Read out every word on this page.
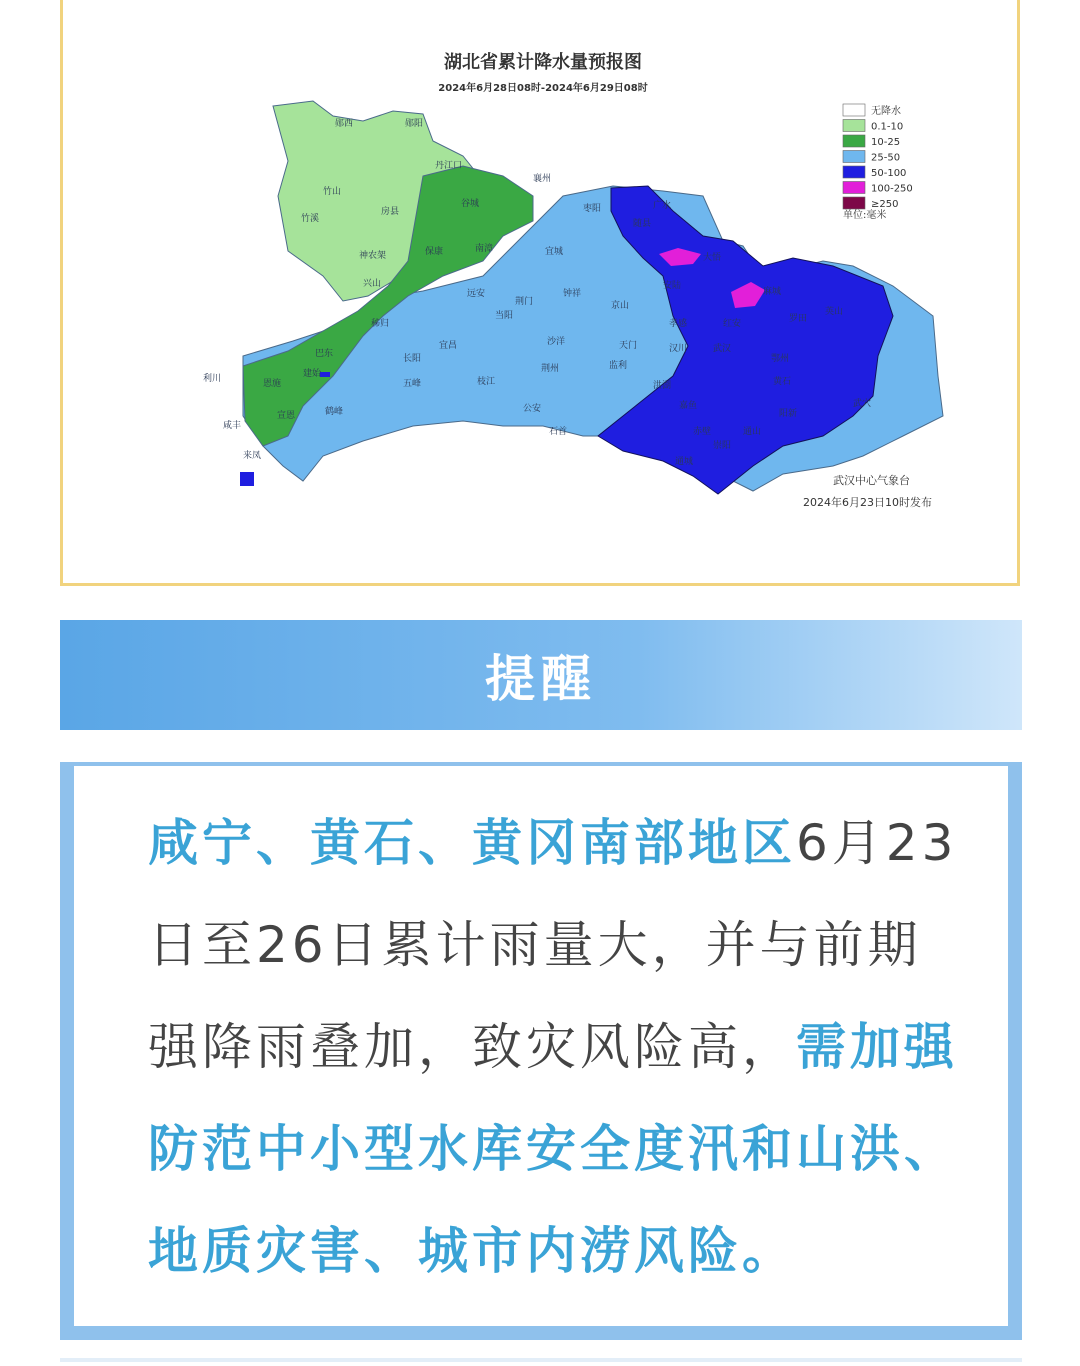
湖北省累计降水量预报图
2024年6月28日08时-2024年6月29日08时
郧西	郧阳
丹江口
竹山
竹溪
房县
谷城
襄州
枣阳
随县
广水
大悟
宜城
钟祥
京山
安陆
孝感	红安
麻城
罗田
英山
神农架
兴山
保康	南漳
远安
当阳
荆门
沙洋	天门	汉川	武汉
鄂州
黄石
阳新
武穴
宜昌
长阳
五峰	枝江
荆州
公安
石首
监利
洪湖
嘉鱼
赤壁
通城
通山
崇阳
恩施
利川
巴东
建始
鹤峰
咸丰
来凤
宣恩
秭归
无降水
0.1-10
10-25
25-50
50-100
100-250
≥250
单位:毫米
武汉中心气象台
2024年6月23日10时发布
提醒
咸宁、黄石、黄冈南部地区6月23日至26日累计雨量大，并与前期强降雨叠加，致灾风险高，需加强防范中小型水库安全度汛和山洪、地质灾害、城市内涝风险。
